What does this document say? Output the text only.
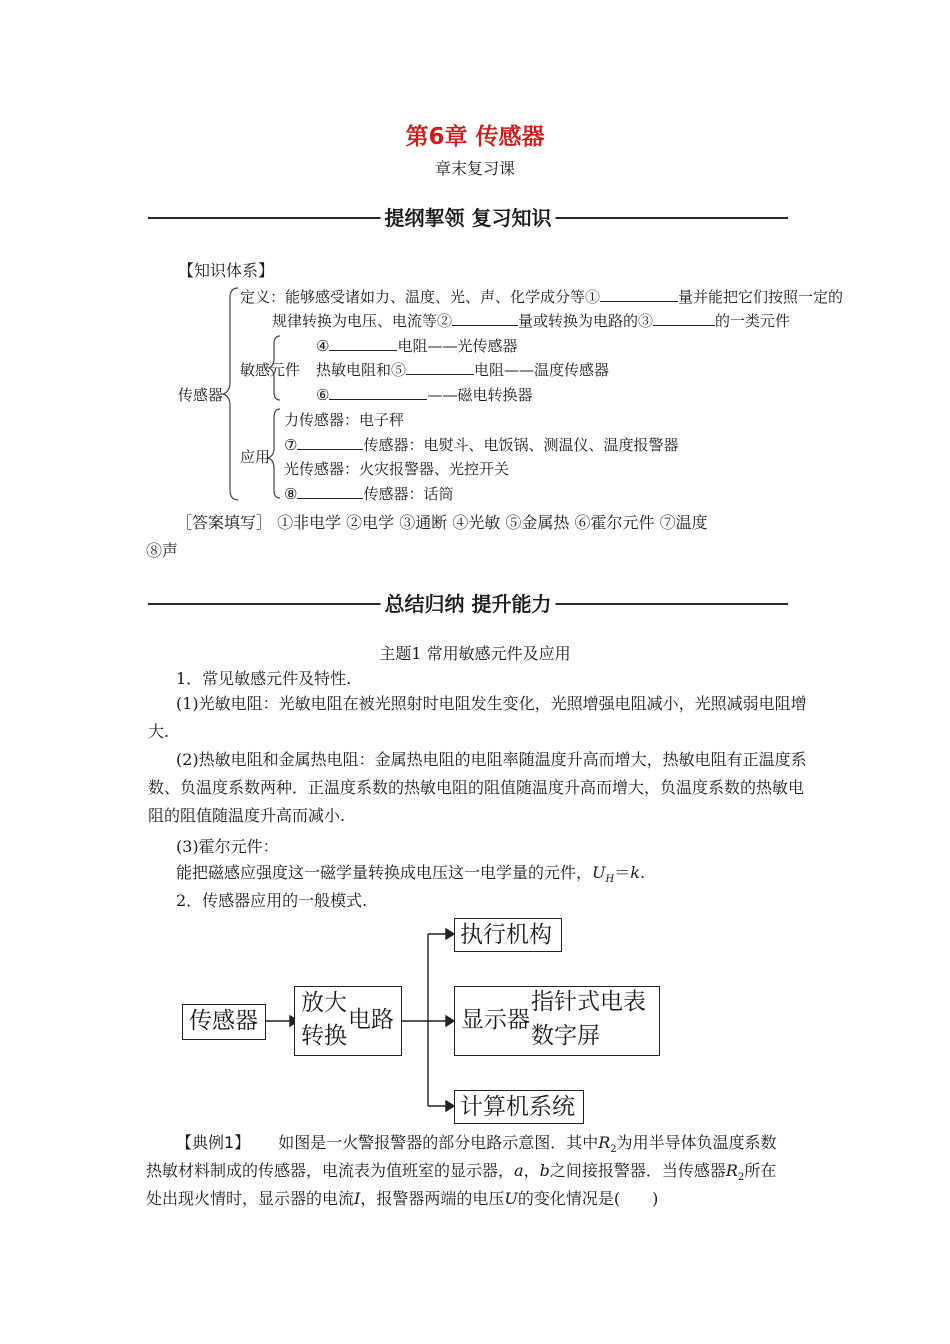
第6章 传感器
章末复习课
提纲挈领 复习知识
【知识体系】
传感器
定义：能够感受诸如力、温度、光、声、化学成分等①	量并能把它们按照一定的
规律转换为电压、电流等②	量或转换为电路的③	的一类元件
敏感元件
④	电阻——光传感器
热敏电阻和⑤	电阻——温度传感器
⑥	——磁电转换器
应用
力传感器：电子秤
⑦	传感器：电熨斗、电饭锅、测温仪、温度报警器
光传感器：火灾报警器、光控开关
⑧	传感器：话筒
［答案填写］ ①非电学 ②电学 ③通断 ④光敏 ⑤金属热 ⑥霍尔元件 ⑦温度
⑧声
总结归纳 提升能力
主题1 常用敏感元件及应用
1．常见敏感元件及特性.
(1)光敏电阻：光敏电阻在被光照射时电阻发生变化，光照增强电阻减小，光照减弱电阻增大.
(2)热敏电阻和金属热电阻：金属热电阻的电阻率随温度升高而增大，热敏电阻有正温度系数、负温度系数两种．正温度系数的热敏电阻的阻值随温度升高而增大，负温度系数的热敏电阻的阻值随温度升高而减小.
(3)霍尔元件：
能把磁感应强度这一磁学量转换成电压这一电学量的元件，$U_H=k$.
2．传感器应用的一般模式.
传感器
放大
转换
电路
执行机构
显示器
指针式电表
数字屏
计算机系统
【典例1】 如图是一火警报警器的部分电路示意图．其中$R_2$为用半导体负温度系数
热敏材料制成的传感器，电流表为值班室的显示器，a，b之间接报警器．当传感器$R_2$所在
处出现火情时，显示器的电流I，报警器两端的电压U的变化情况是(　　)
